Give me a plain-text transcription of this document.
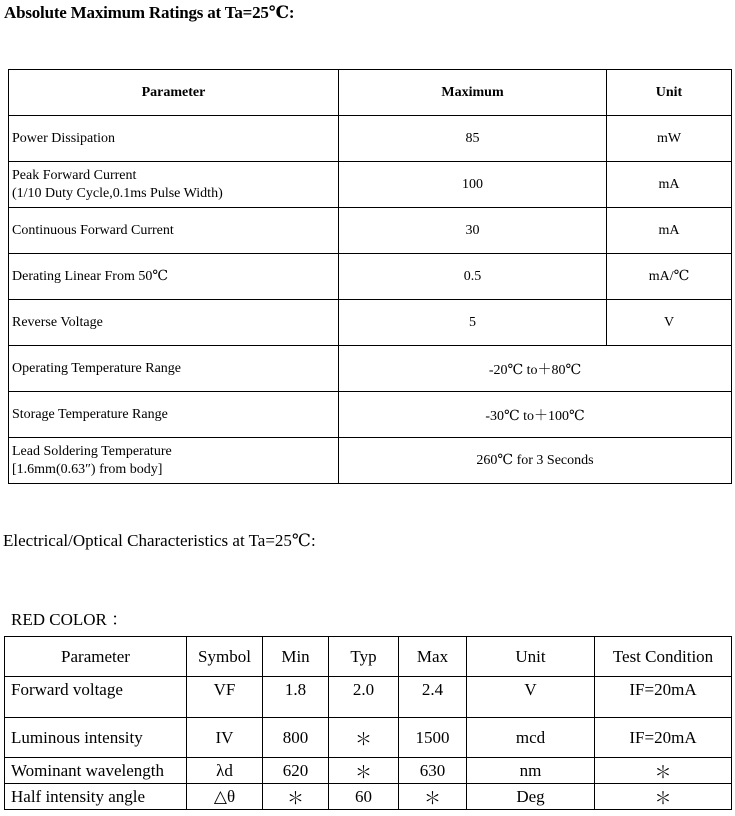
Absolute Maximum Ratings at Ta=25℃:
Parameter	Maximum	Unit
Power Dissipation	85	mW

Peak Forward Current
(1/10 Duty Cycle,0.1ms Pulse Width)	100	mA
Continuous Forward Current	30	mA
Derating Linear From 50℃	0.5	mA/℃
Reverse Voltage	5	V
Operating Temperature Range	-20℃ to＋80℃	
Storage Temperature Range	-30℃ to＋100℃	

Lead Soldering Temperature
[1.6mm(0.63″) from body]	260℃ for 3 Seconds	
Electrical/Optical Characteristics at Ta=25℃:
RED COLOR ：
Parameter	Symbol	Min	Typ	Max	Unit	Test Condition
Forward voltage	VF	1.8	2.0	2.4	V	IF=20mA
Luminous intensity	IV	800	＊	1500	mcd	IF=20mA
Wominant wavelength	λd	620	＊	630	nm	＊
Half intensity angle	△θ	＊	60	＊	Deg	＊
